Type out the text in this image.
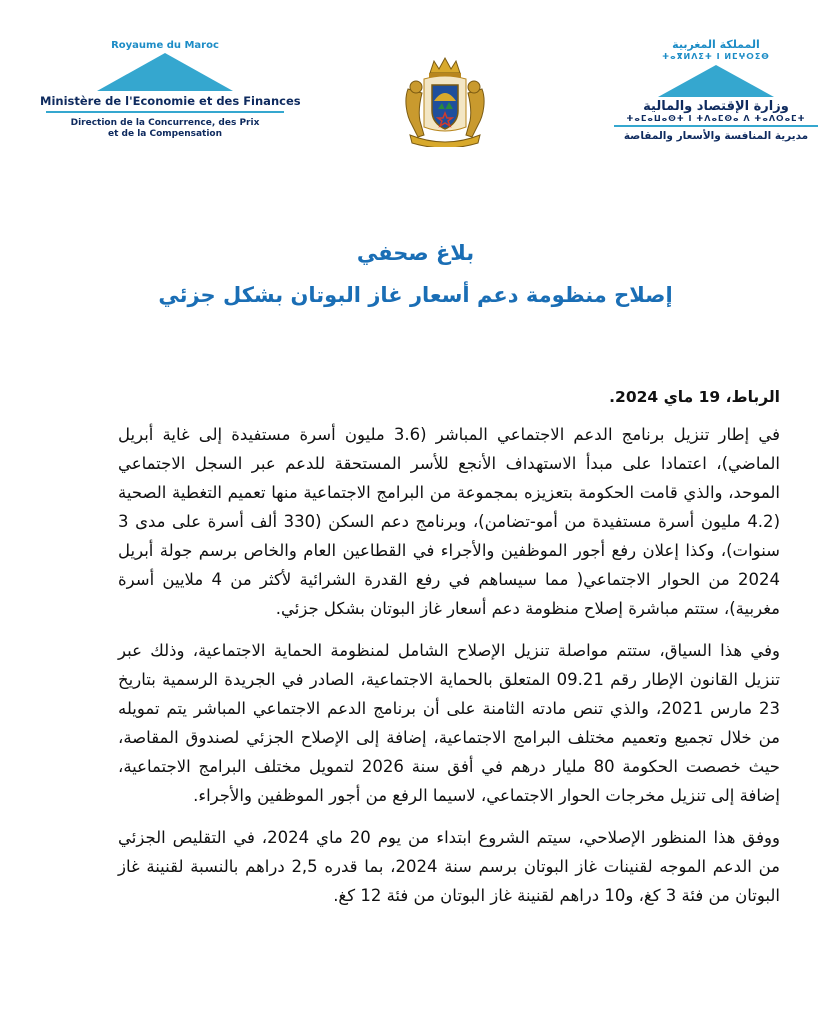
Royaume du Maroc
Ministère de l'Economie et des Finances
Direction de la Concurrence, des Prix
et de la Compensation
المملكة المغربية
ⵜⴰⴳⵍⴷⵉⵜ ⵏ ⵍⵎⵖⵔⵉⴱ
وزارة الإقتصاد والمالية
ⵜⴰⵎⴰⵡⴰⵙⵜ ⵏ ⵜⴷⴰⵎⵙⴰ ⴷ ⵜⴰⴷⵔⴰⵎⵜ
مديرية المنافسة والأسعار والمقاصة
بلاغ صحفي
إصلاح منظومة دعم أسعار غاز البوتان بشكل جزئي

الرباط، 19 ماي 2024.

في إطار تنزيل برنامج الدعم الاجتماعي المباشر (3.6 مليون أسرة مستفيدة إلى غاية أبريل الماضي)، اعتمادا على مبدأ الاستهداف الأنجع للأسر المستحقة للدعم عبر السجل الاجتماعي الموحد، والذي قامت الحكومة بتعزيزه بمجموعة من البرامج الاجتماعية منها تعميم التغطية الصحية (4.2 مليون أسرة مستفيدة من أمو-تضامن)، وبرنامج دعم السكن (330 ألف أسرة على مدى 3 سنوات)، وكذا إعلان رفع أجور الموظفين والأجراء في القطاعين العام والخاص برسم جولة أبريل 2024 من الحوار الاجتماعي( مما سيساهم في رفع القدرة الشرائية لأكثر من 4 ملايين أسرة مغربية)، ستتم مباشرة إصلاح منظومة دعم أسعار غاز البوتان بشكل جزئي.

وفي هذا السياق، ستتم مواصلة تنزيل الإصلاح الشامل لمنظومة الحماية الاجتماعية، وذلك عبر تنزيل القانون الإطار رقم 09.21 المتعلق بالحماية الاجتماعية، الصادر في الجريدة الرسمية بتاريخ 23 مارس 2021، والذي تنص مادته الثامنة على أن برنامج الدعم الاجتماعي المباشر يتم تمويله من خلال تجميع وتعميم مختلف البرامج الاجتماعية، إضافة إلى الإصلاح الجزئي لصندوق المقاصة، حيث خصصت الحكومة 80 مليار درهم في أفق سنة 2026 لتمويل مختلف البرامج الاجتماعية، إضافة إلى تنزيل مخرجات الحوار الاجتماعي، لاسيما الرفع من أجور الموظفين والأجراء.

ووفق هذا المنظور الإصلاحي، سيتم الشروع ابتداء من يوم 20 ماي 2024، في التقليص الجزئي من الدعم الموجه لقنينات غاز البوتان برسم سنة 2024، بما قدره 2,5 دراهم بالنسبة لقنينة غاز البوتان من فئة 3 كغ، و10 دراهم لقنينة غاز البوتان من فئة 12 كغ.
